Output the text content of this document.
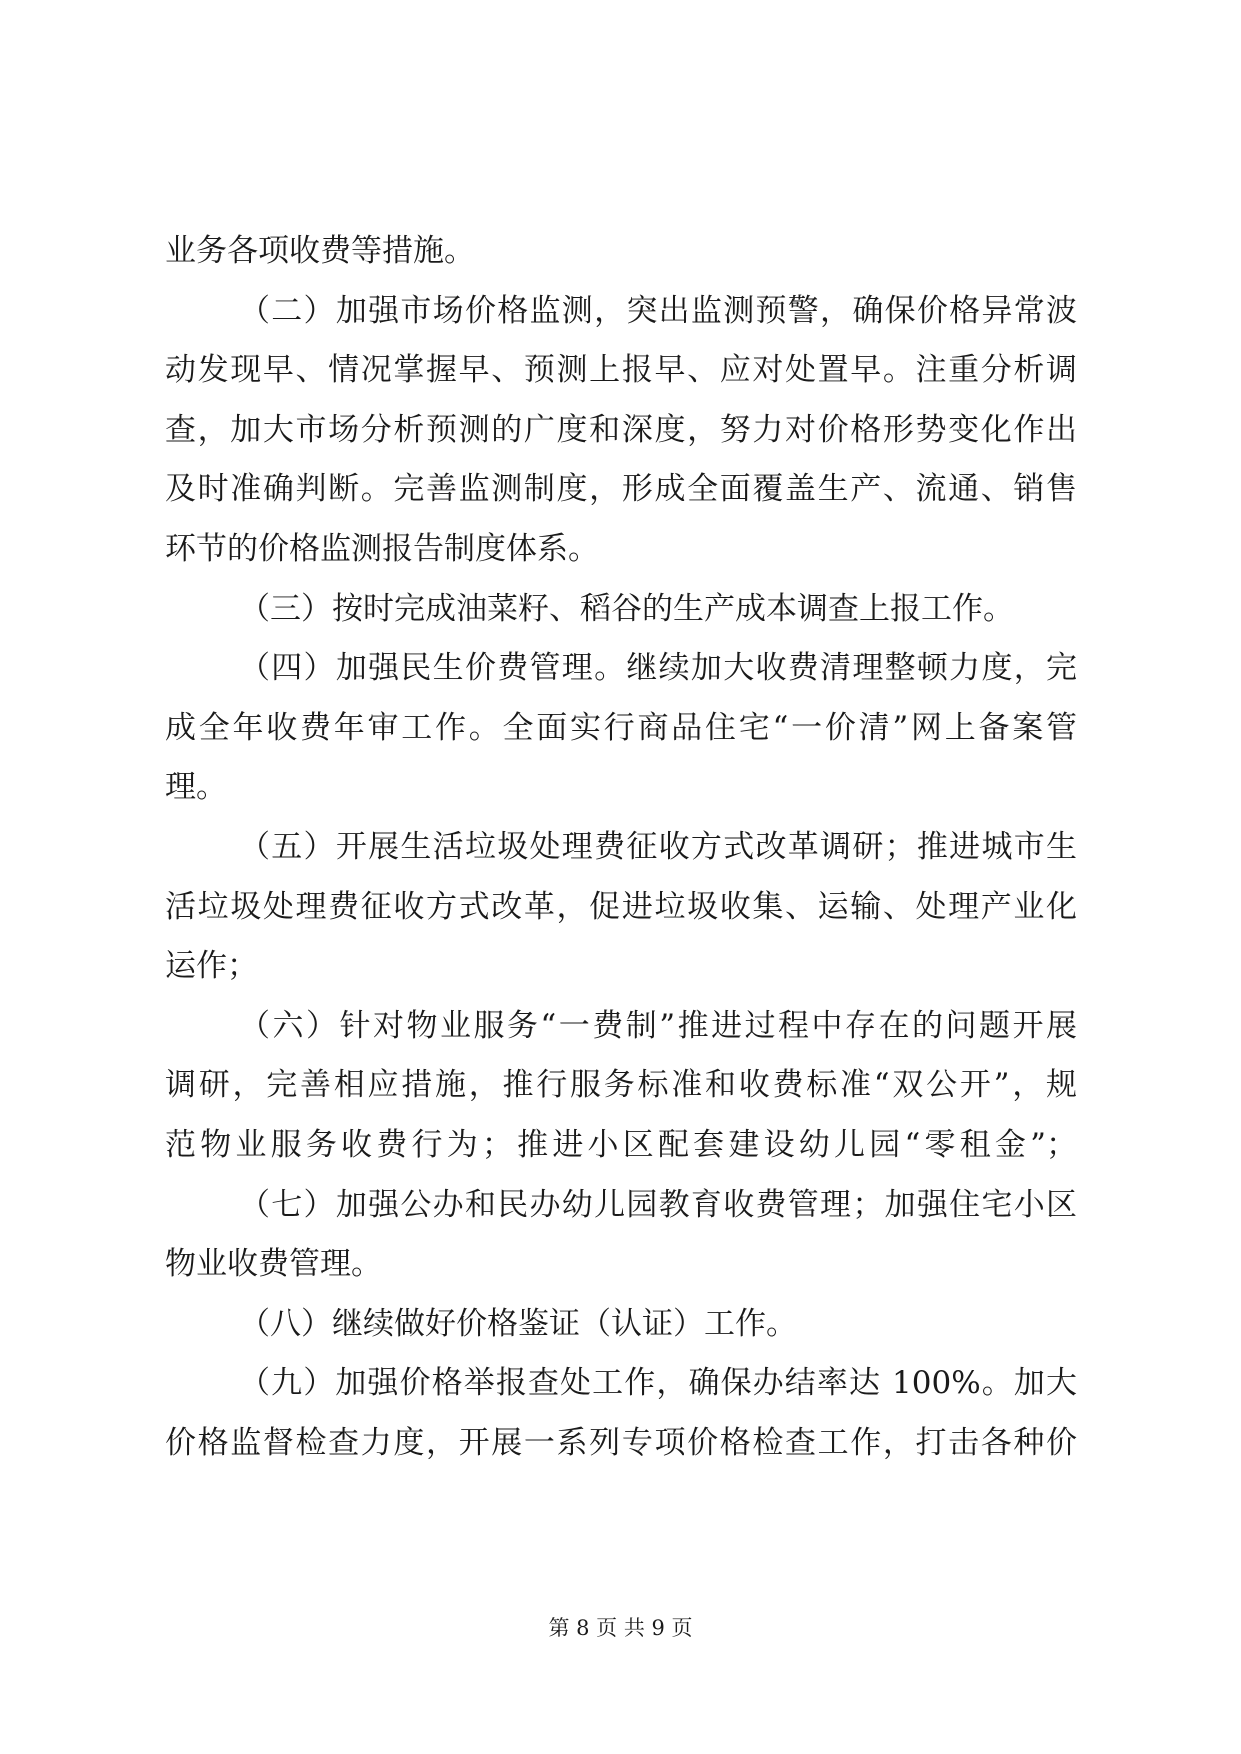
业务各项收费等措施。
（二）加强市场价格监测，突出监测预警，确保价格异常波
动发现早、情况掌握早、预测上报早、应对处置早。注重分析调
查，加大市场分析预测的广度和深度，努力对价格形势变化作出
及时准确判断。完善监测制度，形成全面覆盖生产、流通、销售
环节的价格监测报告制度体系。
（三）按时完成油菜籽、稻谷的生产成本调查上报工作。
（四）加强民生价费管理。继续加大收费清理整顿力度，完
成全年收费年审工作。全面实行商品住宅“一价清”网上备案管
理。
（五）开展生活垃圾处理费征收方式改革调研；推进城市生
活垃圾处理费征收方式改革，促进垃圾收集、运输、处理产业化
运作；
（六）针对物业服务“一费制”推进过程中存在的问题开展
调研，完善相应措施，推行服务标准和收费标准“双公开”，规
范物业服务收费行为；推进小区配套建设幼儿园“零租金”；
（七）加强公办和民办幼儿园教育收费管理；加强住宅小区
物业收费管理。
（八）继续做好价格鉴证（认证）工作。
（九）加强价格举报查处工作，确保办结率达 100%。加大
价格监督检查力度，开展一系列专项价格检查工作，打击各种价
第 8 页 共 9 页
